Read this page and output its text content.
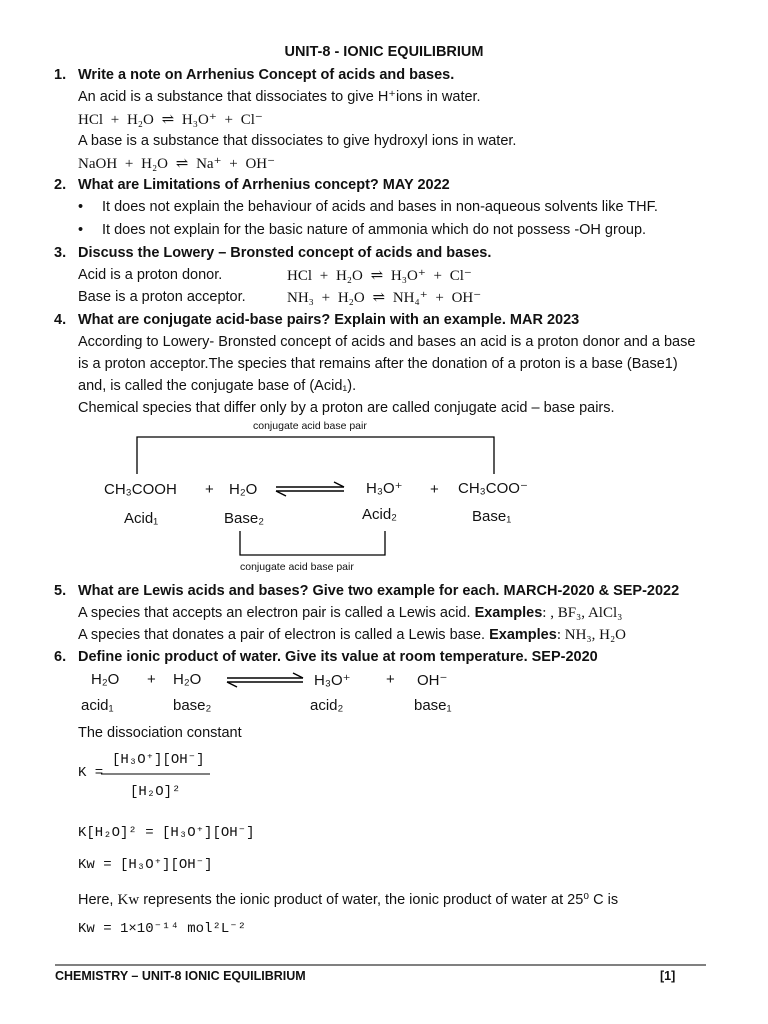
UNIT-8 - IONIC EQUILIBRIUM
1. Write a note on Arrhenius Concept of acids and bases.
An acid is a substance that dissociates to give H⁺ions in water.
HCl + H₂O ⇌ H₃O⁺ + Cl⁻
A base is a substance that dissociates to give hydroxyl ions in water.
NaOH + H₂O ⇌ Na⁺ + OH⁻
2. What are Limitations of Arrhenius concept? MAY 2022
• It does not explain the behaviour of acids and bases in non-aqueous solvents like THF.
• It does not explain for the basic nature of ammonia which do not possess -OH group.
3. Discuss the Lowery – Bronsted concept of acids and bases.
Acid is a proton donor.	HCl + H₂O ⇌ H₃O⁺ + Cl⁻
Base is a proton acceptor.	NH₃ + H₂O ⇌ NH₄⁺ + OH⁻
4. What are conjugate acid-base pairs? Explain with an example. MAR 2023
According to Lowery- Bronsted concept of acids and bases an acid is a proton donor and a base is a proton acceptor.The species that remains after the donation of a proton is a base (Base1) and, is called the conjugate base of (Acid₁).
Chemical species that differ only by a proton are called conjugate acid – base pairs.
conjugate acid base pair
CH₃COOH + H₂O	H₃O⁺ + CH₃COO⁻
Acid₁	Base₂	Acid₂	Base₁
conjugate acid base pair
5. What are Lewis acids and bases? Give two example for each. MARCH-2020 & SEP-2022
A species that accepts an electron pair is called a Lewis acid. Examples: , BF₃, AlCl₃
A species that donates a pair of electron is called a Lewis base. Examples: NH₃, H₂O
6. Define ionic product of water. Give its value at room temperature. SEP-2020
H₂O + H₂O	H₃O⁺ + OH⁻
acid₁	base₂	acid₂	base₁
The dissociation constant
K =
[H₃O⁺][OH⁻]
[H₂O]²
K[H₂O]² = [H₃O⁺][OH⁻]
Kw = [H₃O⁺][OH⁻]
Here, Kw represents the ionic product of water, the ionic product of water at 25⁰ C is
Kw = 1×10⁻¹⁴ mol²L⁻²
CHEMISTRY – UNIT-8 IONIC EQUILIBRIUM	[1]
